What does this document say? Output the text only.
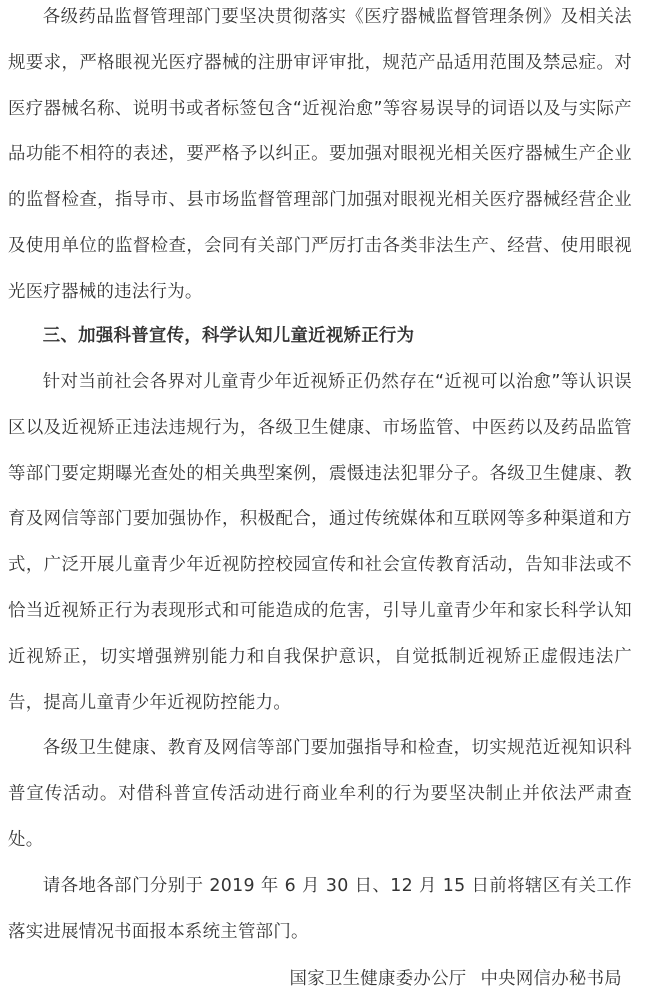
各级药品监督管理部门要坚决贯彻落实《医疗器械监督管理条例》及相关法规要求，严格眼视光医疗器械的注册审评审批，规范产品适用范围及禁忌症。对医疗器械名称、说明书或者标签包含“近视治愈”等容易误导的词语以及与实际产品功能不相符的表述，要严格予以纠正。要加强对眼视光相关医疗器械生产企业的监督检查，指导市、县市场监督管理部门加强对眼视光相关医疗器械经营企业及使用单位的监督检查，会同有关部门严厉打击各类非法生产、经营、使用眼视光医疗器械的违法行为。

三、加强科普宣传，科学认知儿童近视矫正行为

针对当前社会各界对儿童青少年近视矫正仍然存在“近视可以治愈”等认识误区以及近视矫正违法违规行为，各级卫生健康、市场监管、中医药以及药品监管等部门要定期曝光查处的相关典型案例，震慑违法犯罪分子。各级卫生健康、教育及网信等部门要加强协作，积极配合，通过传统媒体和互联网等多种渠道和方式，广泛开展儿童青少年近视防控校园宣传和社会宣传教育活动，告知非法或不恰当近视矫正行为表现形式和可能造成的危害，引导儿童青少年和家长科学认知近视矫正，切实增强辨别能力和自我保护意识，自觉抵制近视矫正虚假违法广告，提高儿童青少年近视防控能力。

各级卫生健康、教育及网信等部门要加强指导和检查，切实规范近视知识科普宣传活动。对借科普宣传活动进行商业牟利的行为要坚决制止并依法严肃查处。

请各地各部门分别于 2019 年 6 月 30 日、12 月 15 日前将辖区有关工作落实进展情况书面报本系统主管部门。

国家卫生健康委办公厅 中央网信办秘书局
